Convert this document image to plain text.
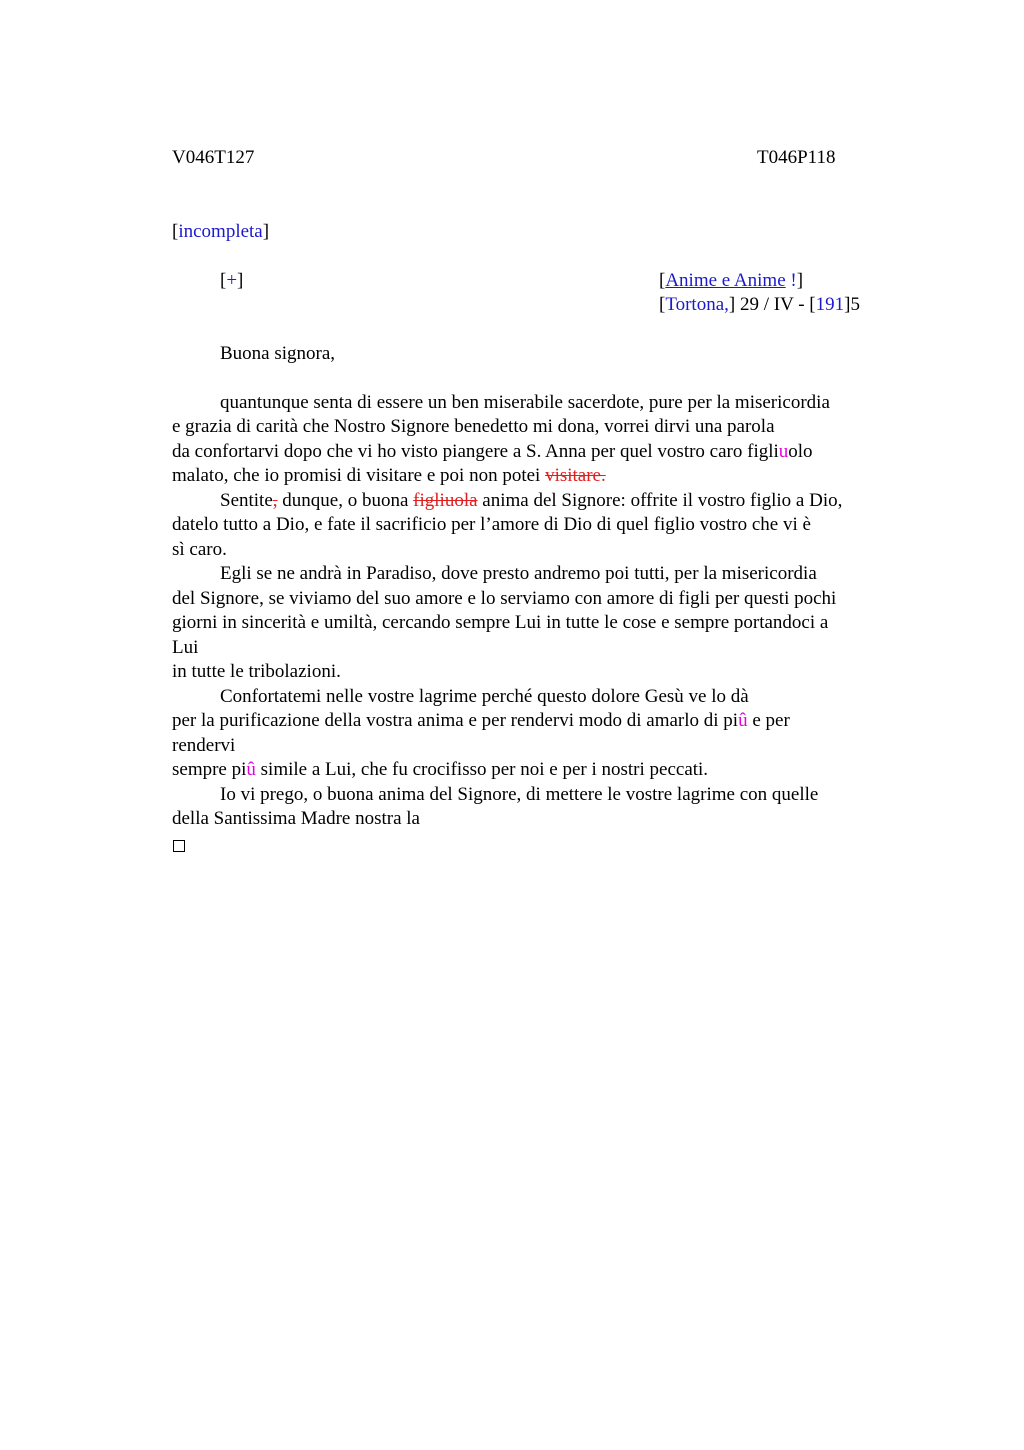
V046T127	T046P118
[incompleta]
[+]	[Anime e Anime !]
[Tortona,] 29 / IV - [191]5
Buona signora,
quantunque senta di essere un ben miserabile sacerdote, pure per la misericordia
e grazia di carità che Nostro Signore benedetto mi dona, vorrei dirvi una parola
da confortarvi dopo che vi ho visto piangere a S. Anna per quel vostro caro figliuolo
malato, che io promisi di visitare e poi non potei visitare.
Sentite, dunque, o buona figliuola anima del Signore: offrite il vostro figlio a Dio,
datelo tutto a Dio, e fate il sacrificio per l’amore di Dio di quel figlio vostro che vi è
sì caro.
Egli se ne andrà in Paradiso, dove presto andremo poi tutti, per la misericordia
del Signore, se viviamo del suo amore e lo serviamo con amore di figli per questi pochi
giorni in sincerità e umiltà, cercando sempre Lui in tutte le cose e sempre portandoci a
Lui
in tutte le tribolazioni.
Confortatemi nelle vostre lagrime perché questo dolore Gesù ve lo dà
per la purificazione della vostra anima e per rendervi modo di amarlo di piû e per
rendervi
sempre piû simile a Lui, che fu crocifisso per noi e per i nostri peccati.
Io vi prego, o buona anima del Signore, di mettere le vostre lagrime con quelle
della Santissima Madre nostra la
